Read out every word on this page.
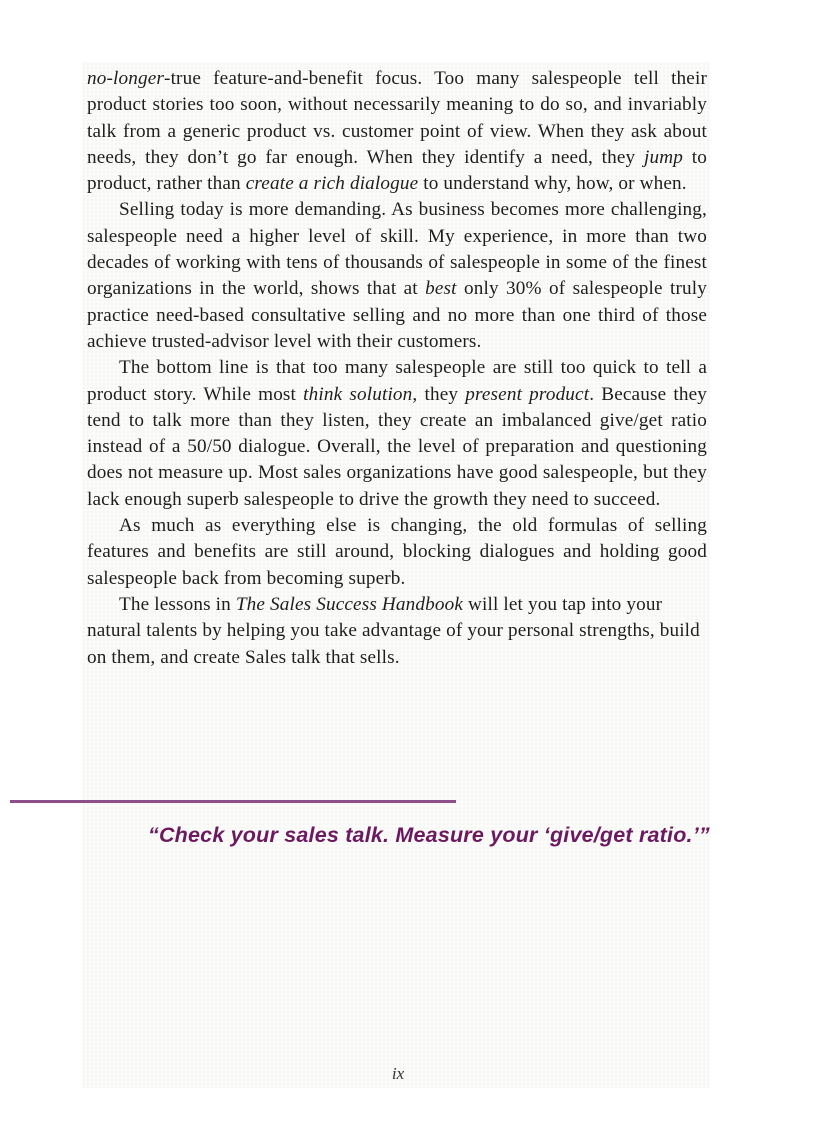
no-longer-true feature-and-benefit focus. Too many salespeople tell their product stories too soon, without necessarily meaning to do so, and invariably talk from a generic product vs. customer point of view. When they ask about needs, they don’t go far enough. When they identify a need, they jump to product, rather than create a rich dialogue to understand why, how, or when.

Selling today is more demanding. As business becomes more challenging, salespeople need a higher level of skill. My experience, in more than two decades of working with tens of thousands of salespeople in some of the finest organizations in the world, shows that at best only 30% of salespeople truly practice need-based consultative selling and no more than one third of those achieve trusted-advisor level with their customers.

The bottom line is that too many salespeople are still too quick to tell a product story. While most think solution, they present product. Because they tend to talk more than they listen, they create an imbalanced give/get ratio instead of a 50/50 dialogue. Overall, the level of preparation and questioning does not measure up. Most sales organizations have good salespeople, but they lack enough superb salespeople to drive the growth they need to succeed.

As much as everything else is changing, the old formulas of selling features and benefits are still around, blocking dialogues and holding good salespeople back from becoming superb.

The lessons in The Sales Success Handbook will let you tap into your natural talents by helping you take advantage of your personal strengths, build on them, and create Sales talk that sells.

“Check your sales talk. Measure your ‘give/get ratio.’”
ix
